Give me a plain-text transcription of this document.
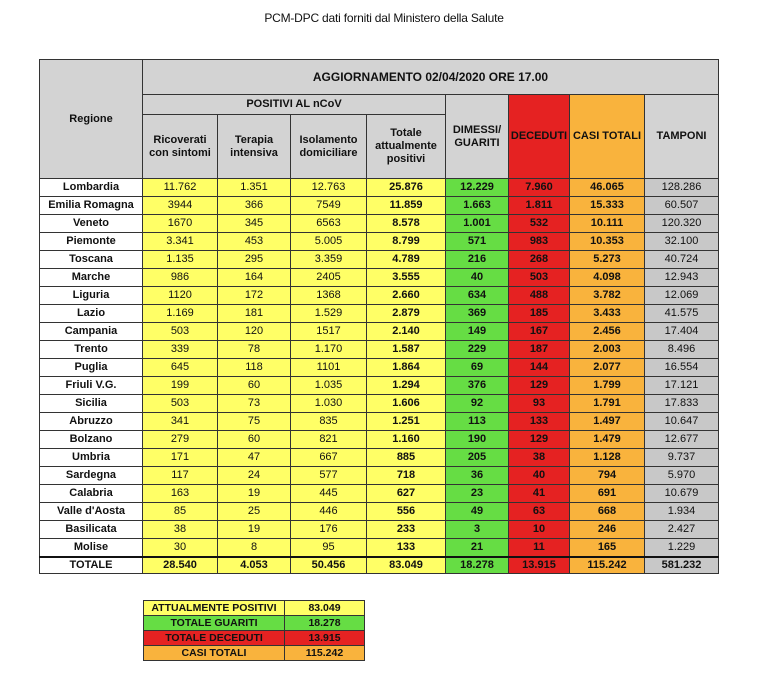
PCM-DPC dati forniti dal Ministero della Salute
Regione	AGGIORNAMENTO 02/04/2020 ORE 17.00							
	POSITIVI AL nCoV				DIMESSI/ GUARITI	DECEDUTI	CASI TOTALI	TAMPONI
	Ricoverati con sintomi	Terapia intensiva	Isolamento domiciliare	Totale attualmente positivi				
Lombardia	11.762	1.351	12.763	25.876	12.229	7.960	46.065	128.286
Emilia Romagna	3944	366	7549	11.859	1.663	1.811	15.333	60.507
Veneto	1670	345	6563	8.578	1.001	532	10.111	120.320
Piemonte	3.341	453	5.005	8.799	571	983	10.353	32.100
Toscana	1.135	295	3.359	4.789	216	268	5.273	40.724
Marche	986	164	2405	3.555	40	503	4.098	12.943
Liguria	1120	172	1368	2.660	634	488	3.782	12.069
Lazio	1.169	181	1.529	2.879	369	185	3.433	41.575
Campania	503	120	1517	2.140	149	167	2.456	17.404
Trento	339	78	1.170	1.587	229	187	2.003	8.496
Puglia	645	118	1101	1.864	69	144	2.077	16.554
Friuli V.G.	199	60	1.035	1.294	376	129	1.799	17.121
Sicilia	503	73	1.030	1.606	92	93	1.791	17.833
Abruzzo	341	75	835	1.251	113	133	1.497	10.647
Bolzano	279	60	821	1.160	190	129	1.479	12.677
Umbria	171	47	667	885	205	38	1.128	9.737
Sardegna	117	24	577	718	36	40	794	5.970
Calabria	163	19	445	627	23	41	691	10.679
Valle d'Aosta	85	25	446	556	49	63	668	1.934
Basilicata	38	19	176	233	3	10	246	2.427
Molise	30	8	95	133	21	11	165	1.229
TOTALE	28.540	4.053	50.456	83.049	18.278	13.915	115.242	581.232
ATTUALMENTE POSITIVI	83.049
TOTALE GUARITI	18.278
TOTALE DECEDUTI	13.915
CASI TOTALI	115.242
